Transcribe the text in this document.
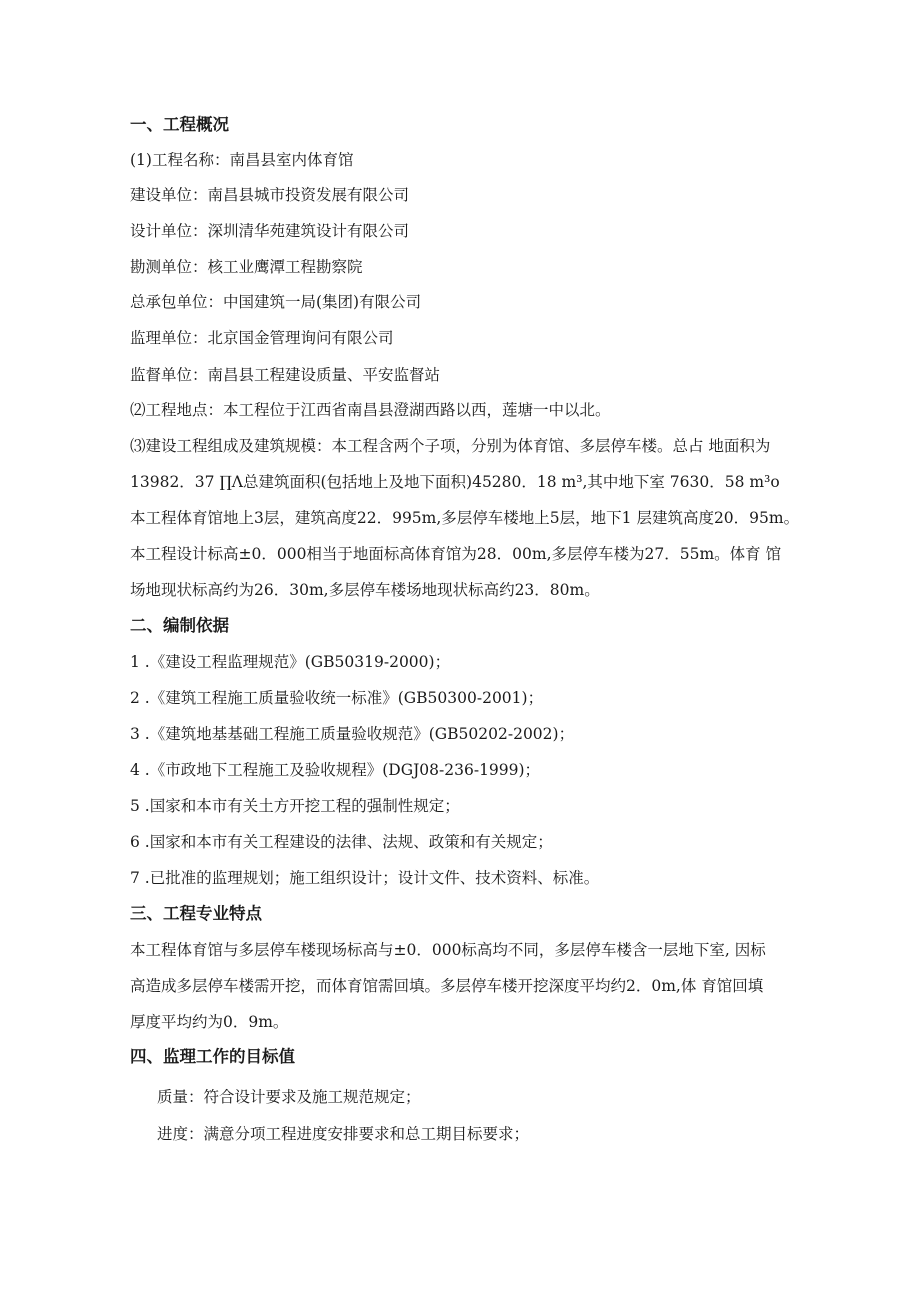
一、工程概况
(1)工程名称：南昌县室内体育馆
建设单位：南昌县城市投资发展有限公司
设计单位：深圳清华苑建筑设计有限公司
勘测单位：核工业鹰潭工程勘察院
总承包单位：中国建筑一局(集团)有限公司
监理单位：北京国金管理询问有限公司
监督单位：南昌县工程建设质量、平安监督站
⑵工程地点：本工程位于江西省南昌县澄湖西路以西，莲塘一中以北。
⑶建设工程组成及建筑规模：本工程含两个子项，分别为体育馆、多层停车楼。总占 地面积为
13982．37 ∏Λ总建筑面积(包括地上及地下面积)45280．18 m³,其中地下室 7630．58 m³o
本工程体育馆地上3层，建筑高度22．995m,多层停车楼地上5层，地下1 层建筑高度20．95m。
本工程设计标高±0．000相当于地面标高体育馆为28．00m,多层停车楼为27．55m。体育 馆
场地现状标高约为26．30m,多层停车楼场地现状标高约23．80m。
二、编制依据
1 .《建设工程监理规范》(GB50319-2000)；
2 .《建筑工程施工质量验收统一标准》(GB50300-2001)；
3 .《建筑地基基础工程施工质量验收规范》(GB50202-2002)；
4 .《市政地下工程施工及验收规程》(DGJ08-236-1999)；
5 .国家和本市有关土方开挖工程的强制性规定；
6 .国家和本市有关工程建设的法律、法规、政策和有关规定；
7 .已批准的监理规划；施工组织设计；设计文件、技术资料、标准。
三、工程专业特点
本工程体育馆与多层停车楼现场标高与±0．000标高均不同，多层停车楼含一层地下室, 因标
高造成多层停车楼需开挖，而体育馆需回填。多层停车楼开挖深度平均约2．0m,体 育馆回填
厚度平均约为0．9m。
四、监理工作的目标值
质量：符合设计要求及施工规范规定；
进度：满意分项工程进度安排要求和总工期目标要求；
